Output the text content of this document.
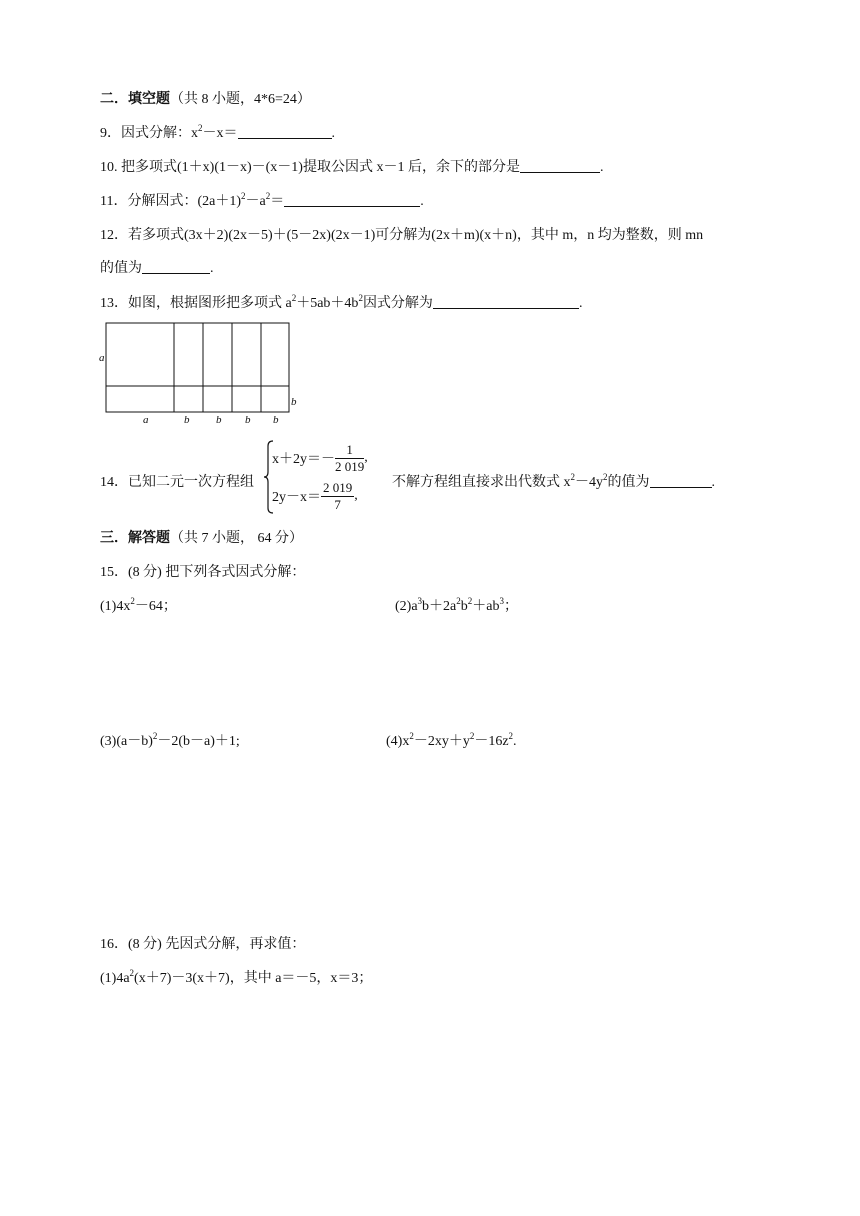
二．填空题（共 8 小题，4*6=24）
9．因式分解：$x^2-x=$	.
10. 把多项式(1＋x)(1－x)－(x－1)提取公因式 x－1 后，余下的部分是	.
11．分解因式：$(2a+1)^2-a^2=$	.
12．若多项式(3x＋2)(2x－5)＋(5－2x)(2x－1)可分解为(2x＋m)(x＋n)，其中 m，n 均为整数，则 mn
的值为	.
13．如图，根据图形把多项式 $a^2+5ab+4b^2$因式分解为	.
a
b
a	b b b b
14．已知二元一次方程组
$x+2y=- \frac{1}{2 019}$ ,
$2y-x= \frac{2 019}{7}$ ,
不解方程组直接求出代数式 $x^2-4y^2$的值为	.
三．解答题（共 7 小题， 64 分）
15．(8 分) 把下列各式因式分解：
$(1)4x^2-64$；	$(2)a^3b+2a^2b^2+ab^3$；
$(3)(a-b)^2-2(b-a)+1$;	$(4)x^2-2xy+y^2-16z^2$.
16．(8 分) 先因式分解，再求值：
$(1)4a^2(x+7)-3(x+7)$，其中 a＝－5，x＝3；
